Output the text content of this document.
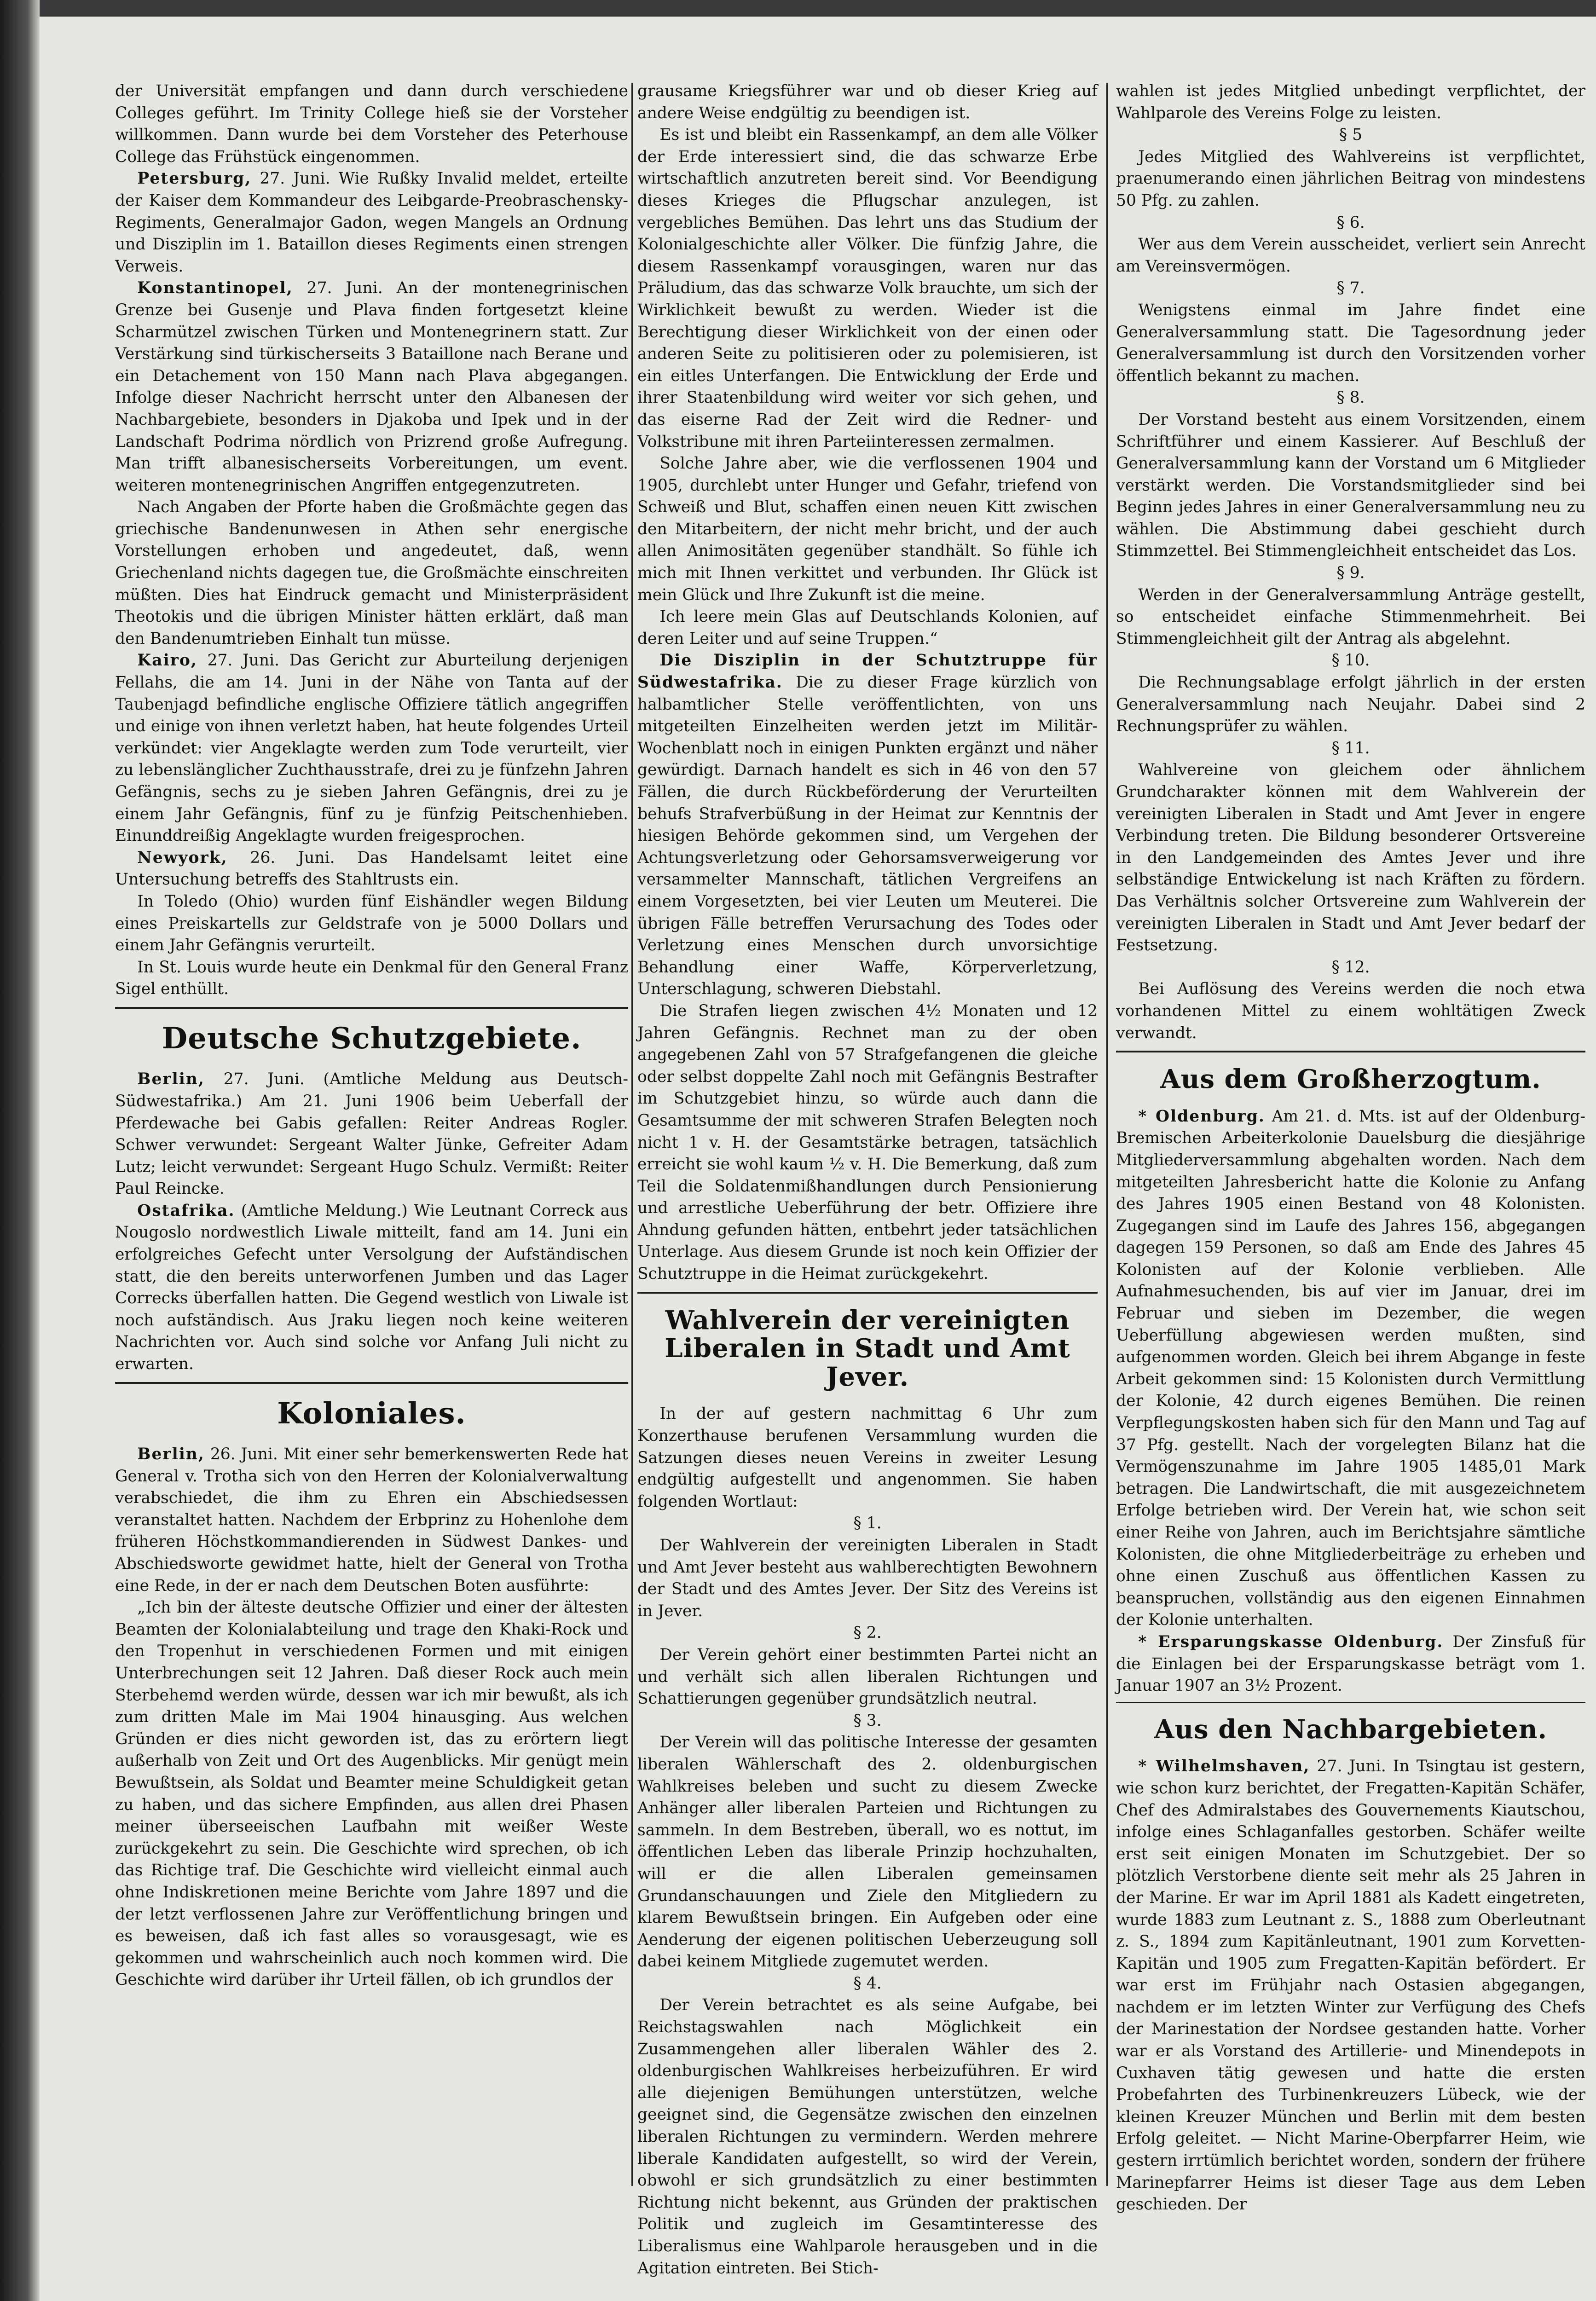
der Universität empfangen und dann durch verschiedene Colleges geführt. Im Trinity College hieß sie der Vorsteher willkommen. Dann wurde bei dem Vorsteher des Peterhouse College das Frühstück eingenommen.

Petersburg, 27. Juni. Wie Rußky Invalid meldet, erteilte der Kaiser dem Kommandeur des Leibgarde-Preobraschensky-Regiments, Generalmajor Gadon, wegen Mangels an Ordnung und Disziplin im 1. Bataillon dieses Regiments einen strengen Verweis.

Konstantinopel, 27. Juni. An der montenegrinischen Grenze bei Gusenje und Plava finden fortgesetzt kleine Scharmützel zwischen Türken und Montenegrinern statt. Zur Verstärkung sind türkischerseits 3 Bataillone nach Berane und ein Detachement von 150 Mann nach Plava abgegangen. Infolge dieser Nachricht herrscht unter den Albanesen der Nachbargebiete, besonders in Djakoba und Ipek und in der Landschaft Podrima nördlich von Prizrend große Aufregung. Man trifft albanesischerseits Vorbereitungen, um event. weiteren montenegrinischen Angriffen entgegenzutreten.

Nach Angaben der Pforte haben die Großmächte gegen das griechische Bandenunwesen in Athen sehr energische Vorstellungen erhoben und angedeutet, daß, wenn Griechenland nichts dagegen tue, die Großmächte einschreiten müßten. Dies hat Eindruck gemacht und Ministerpräsident Theotokis und die übrigen Minister hätten erklärt, daß man den Bandenumtrieben Einhalt tun müsse.

Kairo, 27. Juni. Das Gericht zur Aburteilung derjenigen Fellahs, die am 14. Juni in der Nähe von Tanta auf der Taubenjagd befindliche englische Offiziere tätlich angegriffen und einige von ihnen verletzt haben, hat heute folgendes Urteil verkündet: vier Angeklagte werden zum Tode verurteilt, vier zu lebenslänglicher Zuchthausstrafe, drei zu je fünfzehn Jahren Gefängnis, sechs zu je sieben Jahren Gefängnis, drei zu je einem Jahr Gefängnis, fünf zu je fünfzig Peitschenhieben. Einunddreißig Angeklagte wurden freigesprochen.

Newyork, 26. Juni. Das Handelsamt leitet eine Untersuchung betreffs des Stahltrusts ein.

In Toledo (Ohio) wurden fünf Eishändler wegen Bildung eines Preiskartells zur Geldstrafe von je 5000 Dollars und einem Jahr Gefängnis verurteilt.

In St. Louis wurde heute ein Denkmal für den General Franz Sigel enthüllt.

Deutsche Schutzgebiete.

Berlin, 27. Juni. (Amtliche Meldung aus Deutsch-Südwestafrika.) Am 21. Juni 1906 beim Ueberfall der Pferdewache bei Gabis gefallen: Reiter Andreas Rogler. Schwer verwundet: Sergeant Walter Jünke, Gefreiter Adam Lutz; leicht verwundet: Sergeant Hugo Schulz. Vermißt: Reiter Paul Reincke.

Ostafrika. (Amtliche Meldung.) Wie Leutnant Correck aus Nougoslo nordwestlich Liwale mitteilt, fand am 14. Juni ein erfolgreiches Gefecht unter Versolgung der Aufständischen statt, die den bereits unterworfenen Jumben und das Lager Correcks überfallen hatten. Die Gegend westlich von Liwale ist noch aufständisch. Aus Jraku liegen noch keine weiteren Nachrichten vor. Auch sind solche vor Anfang Juli nicht zu erwarten.

Koloniales.

Berlin, 26. Juni. Mit einer sehr bemerkenswerten Rede hat General v. Trotha sich von den Herren der Kolonialverwaltung verabschiedet, die ihm zu Ehren ein Abschiedsessen veranstaltet hatten. Nachdem der Erbprinz zu Hohenlohe dem früheren Höchstkommandierenden in Südwest Dankes- und Abschiedsworte gewidmet hatte, hielt der General von Trotha eine Rede, in der er nach dem Deutschen Boten ausführte:

„Ich bin der älteste deutsche Offizier und einer der ältesten Beamten der Kolonialabteilung und trage den Khaki-Rock und den Tropenhut in verschiedenen Formen und mit einigen Unterbrechungen seit 12 Jahren. Daß dieser Rock auch mein Sterbehemd werden würde, dessen war ich mir bewußt, als ich zum dritten Male im Mai 1904 hinausging. Aus welchen Gründen er dies nicht geworden ist, das zu erörtern liegt außerhalb von Zeit und Ort des Augenblicks. Mir genügt mein Bewußtsein, als Soldat und Beamter meine Schuldigkeit getan zu haben, und das sichere Empfinden, aus allen drei Phasen meiner überseeischen Laufbahn mit weißer Weste zurückgekehrt zu sein. Die Geschichte wird sprechen, ob ich das Richtige traf. Die Geschichte wird vielleicht einmal auch ohne Indiskretionen meine Berichte vom Jahre 1897 und die der letzt verflossenen Jahre zur Veröffentlichung bringen und es beweisen, daß ich fast alles so vorausgesagt, wie es gekommen und wahrscheinlich auch noch kommen wird. Die Geschichte wird darüber ihr Urteil fällen, ob ich grundlos der

grausame Kriegsführer war und ob dieser Krieg auf andere Weise endgültig zu beendigen ist.

Es ist und bleibt ein Rassenkampf, an dem alle Völker der Erde interessiert sind, die das schwarze Erbe wirtschaftlich anzutreten bereit sind. Vor Beendigung dieses Krieges die Pflugschar anzulegen, ist vergebliches Bemühen. Das lehrt uns das Studium der Kolonialgeschichte aller Völker. Die fünfzig Jahre, die diesem Rassenkampf vorausgingen, waren nur das Präludium, das das schwarze Volk brauchte, um sich der Wirklichkeit bewußt zu werden. Wieder ist die Berechtigung dieser Wirklichkeit von der einen oder anderen Seite zu politisieren oder zu polemisieren, ist ein eitles Unterfangen. Die Entwicklung der Erde und ihrer Staatenbildung wird weiter vor sich gehen, und das eiserne Rad der Zeit wird die Redner- und Volkstribune mit ihren Parteiinteressen zermalmen.

Solche Jahre aber, wie die verflossenen 1904 und 1905, durchlebt unter Hunger und Gefahr, triefend von Schweiß und Blut, schaffen einen neuen Kitt zwischen den Mitarbeitern, der nicht mehr bricht, und der auch allen Animositäten gegenüber standhält. So fühle ich mich mit Ihnen verkittet und verbunden. Ihr Glück ist mein Glück und Ihre Zukunft ist die meine.

Ich leere mein Glas auf Deutschlands Kolonien, auf deren Leiter und auf seine Truppen.“

Die Disziplin in der Schutztruppe für Südwestafrika. Die zu dieser Frage kürzlich von halbamtlicher Stelle veröffentlichten, von uns mitgeteilten Einzelheiten werden jetzt im Militär-Wochenblatt noch in einigen Punkten ergänzt und näher gewürdigt. Darnach handelt es sich in 46 von den 57 Fällen, die durch Rückbeförderung der Verurteilten behufs Strafverbüßung in der Heimat zur Kenntnis der hiesigen Behörde gekommen sind, um Vergehen der Achtungsverletzung oder Gehorsamsverweigerung vor versammelter Mannschaft, tätlichen Vergreifens an einem Vorgesetzten, bei vier Leuten um Meuterei. Die übrigen Fälle betreffen Verursachung des Todes oder Verletzung eines Menschen durch unvorsichtige Behandlung einer Waffe, Körperverletzung, Unterschlagung, schweren Diebstahl.

Die Strafen liegen zwischen 4½ Monaten und 12 Jahren Gefängnis. Rechnet man zu der oben angegebenen Zahl von 57 Strafgefangenen die gleiche oder selbst doppelte Zahl noch mit Gefängnis Bestrafter im Schutzgebiet hinzu, so würde auch dann die Gesamtsumme der mit schweren Strafen Belegten noch nicht 1 v. H. der Gesamtstärke betragen, tatsächlich erreicht sie wohl kaum ½ v. H. Die Bemerkung, daß zum Teil die Soldatenmißhandlungen durch Pensionierung und arrestliche Ueberführung der betr. Offiziere ihre Ahndung gefunden hätten, entbehrt jeder tatsächlichen Unterlage. Aus diesem Grunde ist noch kein Offizier der Schutztruppe in die Heimat zurückgekehrt.

Wahlverein der vereinigten Liberalen in Stadt und Amt Jever.

In der auf gestern nachmittag 6 Uhr zum Konzerthause berufenen Versammlung wurden die Satzungen dieses neuen Vereins in zweiter Lesung endgültig aufgestellt und angenommen. Sie haben folgenden Wortlaut:

§ 1.

Der Wahlverein der vereinigten Liberalen in Stadt und Amt Jever besteht aus wahlberechtigten Bewohnern der Stadt und des Amtes Jever. Der Sitz des Vereins ist in Jever.

§ 2.

Der Verein gehört einer bestimmten Partei nicht an und verhält sich allen liberalen Richtungen und Schattierungen gegenüber grundsätzlich neutral.

§ 3.

Der Verein will das politische Interesse der gesamten liberalen Wählerschaft des 2. oldenburgischen Wahlkreises beleben und sucht zu diesem Zwecke Anhänger aller liberalen Parteien und Richtungen zu sammeln. In dem Bestreben, überall, wo es nottut, im öffentlichen Leben das liberale Prinzip hochzuhalten, will er die allen Liberalen gemeinsamen Grundanschauungen und Ziele den Mitgliedern zu klarem Bewußtsein bringen. Ein Aufgeben oder eine Aenderung der eigenen politischen Ueberzeugung soll dabei keinem Mitgliede zugemutet werden.

§ 4.

Der Verein betrachtet es als seine Aufgabe, bei Reichstagswahlen nach Möglichkeit ein Zusammengehen aller liberalen Wähler des 2. oldenburgischen Wahlkreises herbeizuführen. Er wird alle diejenigen Bemühungen unterstützen, welche geeignet sind, die Gegensätze zwischen den einzelnen liberalen Richtungen zu vermindern. Werden mehrere liberale Kandidaten aufgestellt, so wird der Verein, obwohl er sich grundsätzlich zu einer bestimmten Richtung nicht bekennt, aus Gründen der praktischen Politik und zugleich im Gesamtinteresse des Liberalismus eine Wahlparole herausgeben und in die Agitation eintreten. Bei Stich-

wahlen ist jedes Mitglied unbedingt verpflichtet, der Wahlparole des Vereins Folge zu leisten.

§ 5

Jedes Mitglied des Wahlvereins ist verpflichtet, praenumerando einen jährlichen Beitrag von mindestens 50 Pfg. zu zahlen.

§ 6.

Wer aus dem Verein ausscheidet, verliert sein Anrecht am Vereinsvermögen.

§ 7.

Wenigstens einmal im Jahre findet eine Generalversammlung statt. Die Tagesordnung jeder Generalversammlung ist durch den Vorsitzenden vorher öffentlich bekannt zu machen.

§ 8.

Der Vorstand besteht aus einem Vorsitzenden, einem Schriftführer und einem Kassierer. Auf Beschluß der Generalversammlung kann der Vorstand um 6 Mitglieder verstärkt werden. Die Vorstandsmitglieder sind bei Beginn jedes Jahres in einer Generalversammlung neu zu wählen. Die Abstimmung dabei geschieht durch Stimmzettel. Bei Stimmengleichheit entscheidet das Los.

§ 9.

Werden in der Generalversammlung Anträge gestellt, so entscheidet einfache Stimmenmehrheit. Bei Stimmengleichheit gilt der Antrag als abgelehnt.

§ 10.

Die Rechnungsablage erfolgt jährlich in der ersten Generalversammlung nach Neujahr. Dabei sind 2 Rechnungsprüfer zu wählen.

§ 11.

Wahlvereine von gleichem oder ähnlichem Grundcharakter können mit dem Wahlverein der vereinigten Liberalen in Stadt und Amt Jever in engere Verbindung treten. Die Bildung besonderer Ortsvereine in den Landgemeinden des Amtes Jever und ihre selbständige Entwickelung ist nach Kräften zu fördern. Das Verhältnis solcher Ortsvereine zum Wahlverein der vereinigten Liberalen in Stadt und Amt Jever bedarf der Festsetzung.

§ 12.

Bei Auflösung des Vereins werden die noch etwa vorhandenen Mittel zu einem wohltätigen Zweck verwandt.

Aus dem Großherzogtum.

* Oldenburg. Am 21. d. Mts. ist auf der Oldenburg-Bremischen Arbeiterkolonie Dauelsburg die diesjährige Mitgliederversammlung abgehalten worden. Nach dem mitgeteilten Jahresbericht hatte die Kolonie zu Anfang des Jahres 1905 einen Bestand von 48 Kolonisten. Zugegangen sind im Laufe des Jahres 156, abgegangen dagegen 159 Personen, so daß am Ende des Jahres 45 Kolonisten auf der Kolonie verblieben. Alle Aufnahmesuchenden, bis auf vier im Januar, drei im Februar und sieben im Dezember, die wegen Ueberfüllung abgewiesen werden mußten, sind aufgenommen worden. Gleich bei ihrem Abgange in feste Arbeit gekommen sind: 15 Kolonisten durch Vermittlung der Kolonie, 42 durch eigenes Bemühen. Die reinen Verpflegungskosten haben sich für den Mann und Tag auf 37 Pfg. gestellt. Nach der vorgelegten Bilanz hat die Vermögenszunahme im Jahre 1905 1485,01 Mark betragen. Die Landwirtschaft, die mit ausgezeichnetem Erfolge betrieben wird. Der Verein hat, wie schon seit einer Reihe von Jahren, auch im Berichtsjahre sämtliche Kolonisten, die ohne Mitgliederbeiträge zu erheben und ohne einen Zuschuß aus öffentlichen Kassen zu beanspruchen, vollständig aus den eigenen Einnahmen der Kolonie unterhalten.

* Ersparungskasse Oldenburg. Der Zinsfuß für die Einlagen bei der Ersparungskasse beträgt vom 1. Januar 1907 an 3½ Prozent.

Aus den Nachbargebieten.

* Wilhelmshaven, 27. Juni. In Tsingtau ist gestern, wie schon kurz berichtet, der Fregatten-Kapitän Schäfer, Chef des Admiralstabes des Gouvernements Kiautschou, infolge eines Schlaganfalles gestorben. Schäfer weilte erst seit einigen Monaten im Schutzgebiet. Der so plötzlich Verstorbene diente seit mehr als 25 Jahren in der Marine. Er war im April 1881 als Kadett eingetreten, wurde 1883 zum Leutnant z. S., 1888 zum Oberleutnant z. S., 1894 zum Kapitänleutnant, 1901 zum Korvetten-Kapitän und 1905 zum Fregatten-Kapitän befördert. Er war erst im Frühjahr nach Ostasien abgegangen, nachdem er im letzten Winter zur Verfügung des Chefs der Marinestation der Nordsee gestanden hatte. Vorher war er als Vorstand des Artillerie- und Minendepots in Cuxhaven tätig gewesen und hatte die ersten Probefahrten des Turbinenkreuzers Lübeck, wie der kleinen Kreuzer München und Berlin mit dem besten Erfolg geleitet. — Nicht Marine-Oberpfarrer Heim, wie gestern irrtümlich berichtet worden, sondern der frühere Marinepfarrer Heims ist dieser Tage aus dem Leben geschieden. Der
